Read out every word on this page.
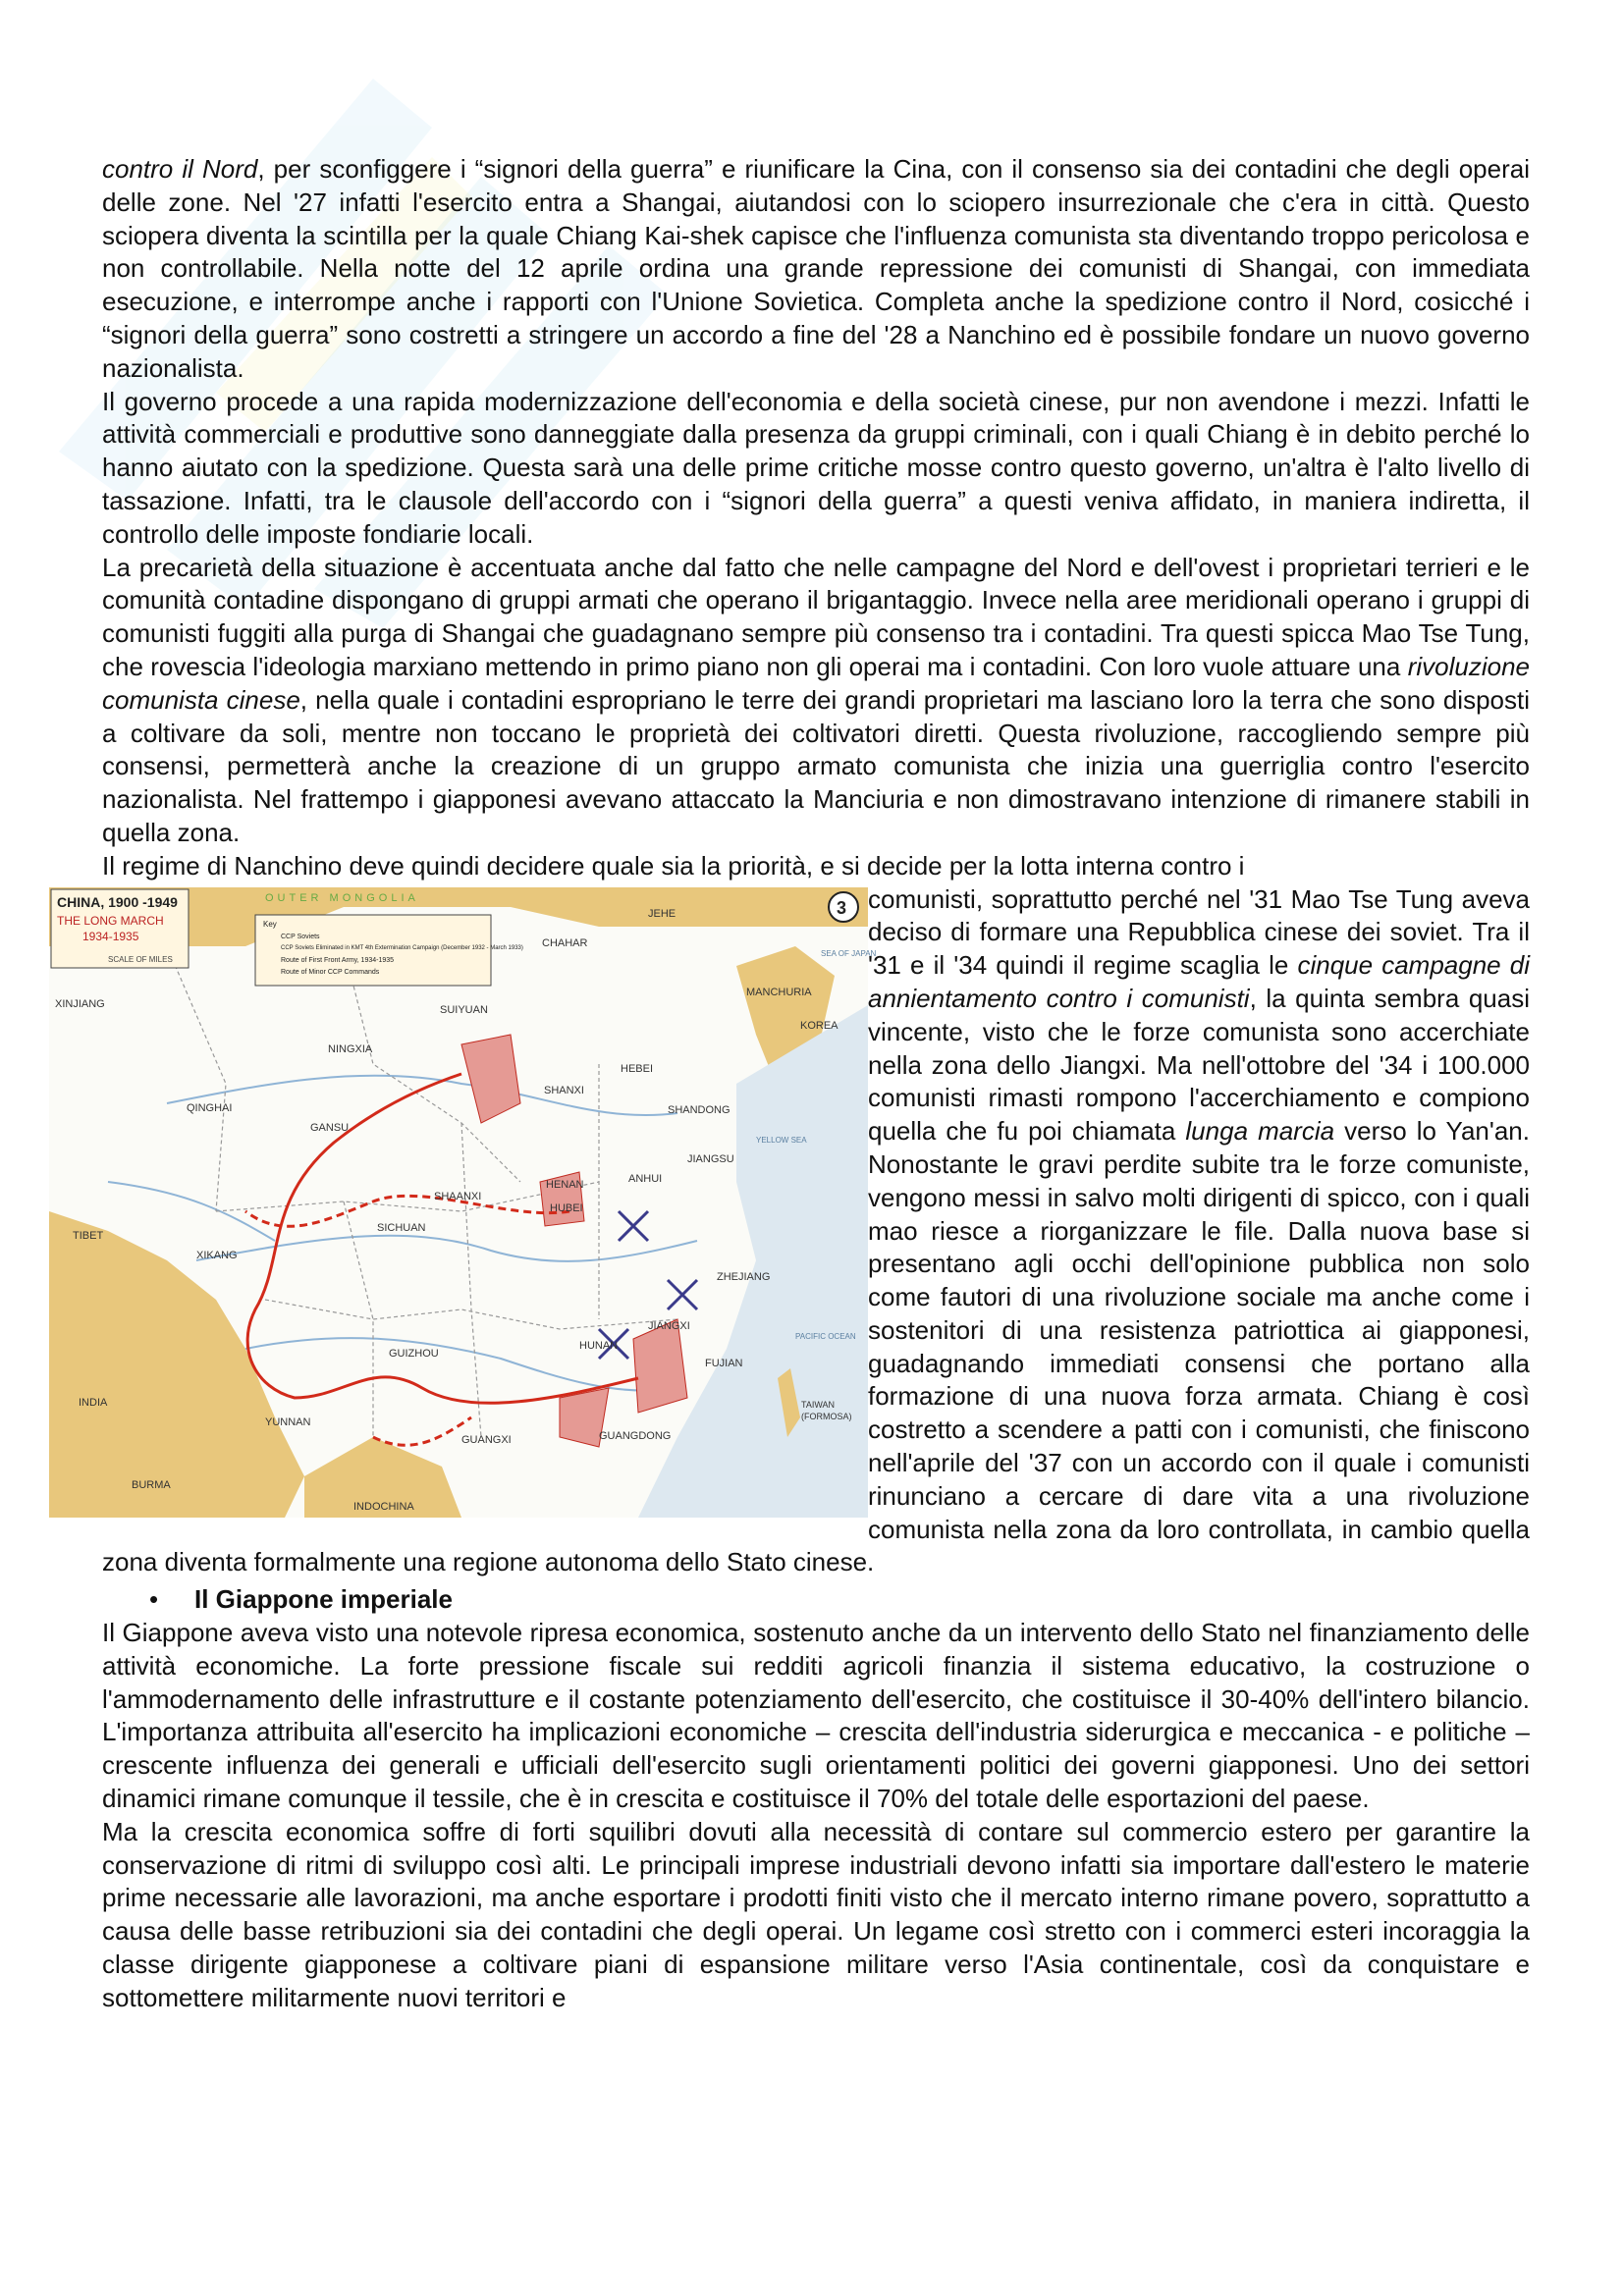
contro il Nord, per sconfiggere i “signori della guerra” e riunificare la Cina, con il consenso sia dei contadini che degli operai delle zone. Nel '27 infatti l'esercito entra a Shangai, aiutandosi con lo sciopero insurrezionale che c'era in città. Questo sciopera diventa la scintilla per la quale Chiang Kai-shek capisce che l'influenza comunista sta diventando troppo pericolosa e non controllabile. Nella notte del 12 aprile ordina una grande repressione dei comunisti di Shangai, con immediata esecuzione, e interrompe anche i rapporti con l'Unione Sovietica. Completa anche la spedizione contro il Nord, cosicché i “signori della guerra” sono costretti a stringere un accordo a fine del '28 a Nanchino ed è possibile fondare un nuovo governo nazionalista.

Il governo procede a una rapida modernizzazione dell'economia e della società cinese, pur non avendone i mezzi. Infatti le attività commerciali e produttive sono danneggiate dalla presenza da gruppi criminali, con i quali Chiang è in debito perché lo hanno aiutato con la spedizione. Questa sarà una delle prime critiche mosse contro questo governo, un'altra è l'alto livello di tassazione. Infatti, tra le clausole dell'accordo con i “signori della guerra” a questi veniva affidato, in maniera indiretta, il controllo delle imposte fondiarie locali.

La precarietà della situazione è accentuata anche dal fatto che nelle campagne del Nord e dell'ovest i proprietari terrieri e le comunità contadine dispongano di gruppi armati che operano il brigantaggio. Invece nella aree meridionali operano i gruppi di comunisti fuggiti alla purga di Shangai che guadagnano sempre più consenso tra i contadini. Tra questi spicca Mao Tse Tung, che rovescia l'ideologia marxiano mettendo in primo piano non gli operai ma i contadini. Con loro vuole attuare una rivoluzione comunista cinese, nella quale i contadini espropriano le terre dei grandi proprietari ma lasciano loro la terra che sono disposti a coltivare da soli, mentre non toccano le proprietà dei coltivatori diretti. Questa rivoluzione, raccogliendo sempre più consensi, permetterà anche la creazione di un gruppo armato comunista che inizia una guerriglia contro l'esercito nazionalista. Nel frattempo i giapponesi avevano attaccato la Manciuria e non dimostravano intenzione di rimanere stabili in quella zona.

Il regime di Nanchino deve quindi decidere quale sia la priorità, e si decide per la lotta interna contro i

CHINA, 1900 -1949
THE LONG MARCH
1934-1935
SCALE OF MILES
Key
CCP Soviets
CCP Soviets Eliminated in KMT 4th Extermination Campaign (December 1932 - March 1933)
Route of First Front Army, 1934-1935
Route of Minor CCP Commands
OUTER MONGOLIA	3
XINJIANG
NINGXIA
SUIYUAN
CHAHAR
JEHE
MANCHURIA
KOREA
QINGHAI
GANSU
SHAANXI
SHANXI
HEBEI
SHANDONG
HENAN
TIBET
XIKANG
SICHUAN
HUBEI
ANHUI
JIANGSU
HUNAN
JIANGXI
ZHEJIANG
FUJIAN
GUIZHOU
YUNNAN
GUANGXI	GUANGDONG
INDIA
BURMA
INDOCHINA
TAIWAN
(FORMOSA)
SEA OF JAPAN
YELLOW SEA
PACIFIC OCEAN

comunisti, soprattutto perché nel '31 Mao Tse Tung aveva deciso di formare una Repubblica cinese dei soviet. Tra il '31 e il '34 quindi il regime scaglia le cinque campagne di annientamento contro i comunisti, la quinta sembra quasi vincente, visto che le forze comunista sono accerchiate nella zona dello Jiangxi. Ma nell'ottobre del '34 i 100.000 comunisti rimasti rompono l'accerchiamento e compiono quella che fu poi chiamata lunga marcia verso lo Yan'an. Nonostante le gravi perdite subite tra le forze comuniste, vengono messi in salvo molti dirigenti di spicco, con i quali mao riesce a riorganizzare le file. Dalla nuova base si presentano agli occhi dell'opinione pubblica non solo come fautori di una rivoluzione sociale ma anche come i sostenitori di una resistenza patriottica ai giapponesi, guadagnando immediati consensi che portano alla formazione di una nuova forza armata. Chiang è così costretto a scendere a patti con i comunisti, che finiscono nell'aprile del '37 con un accordo con il quale i comunisti rinunciano a cercare di dare vita a una rivoluzione comunista nella zona da loro controllata, in cambio quella zona diventa formalmente una regione autonoma dello Stato cinese.

•	Il Giappone imperiale

Il Giappone aveva visto una notevole ripresa economica, sostenuto anche da un intervento dello Stato nel finanziamento delle attività economiche. La forte pressione fiscale sui redditi agricoli finanzia il sistema educativo, la costruzione o l'ammodernamento delle infrastrutture e il costante potenziamento dell'esercito, che costituisce il 30-40% dell'intero bilancio. L'importanza attribuita all'esercito ha implicazioni economiche – crescita dell'industria siderurgica e meccanica - e politiche – crescente influenza dei generali e ufficiali dell'esercito sugli orientamenti politici dei governi giapponesi. Uno dei settori dinamici rimane comunque il tessile, che è in crescita e costituisce il 70% del totale delle esportazioni del paese.

Ma la crescita economica soffre di forti squilibri dovuti alla necessità di contare sul commercio estero per garantire la conservazione di ritmi di sviluppo così alti. Le principali imprese industriali devono infatti sia importare dall'estero le materie prime necessarie alle lavorazioni, ma anche esportare i prodotti finiti visto che il mercato interno rimane povero, soprattutto a causa delle basse retribuzioni sia dei contadini che degli operai. Un legame così stretto con i commerci esteri incoraggia la classe dirigente giapponese a coltivare piani di espansione militare verso l'Asia continentale, così da conquistare e sottomettere militarmente nuovi territori e
